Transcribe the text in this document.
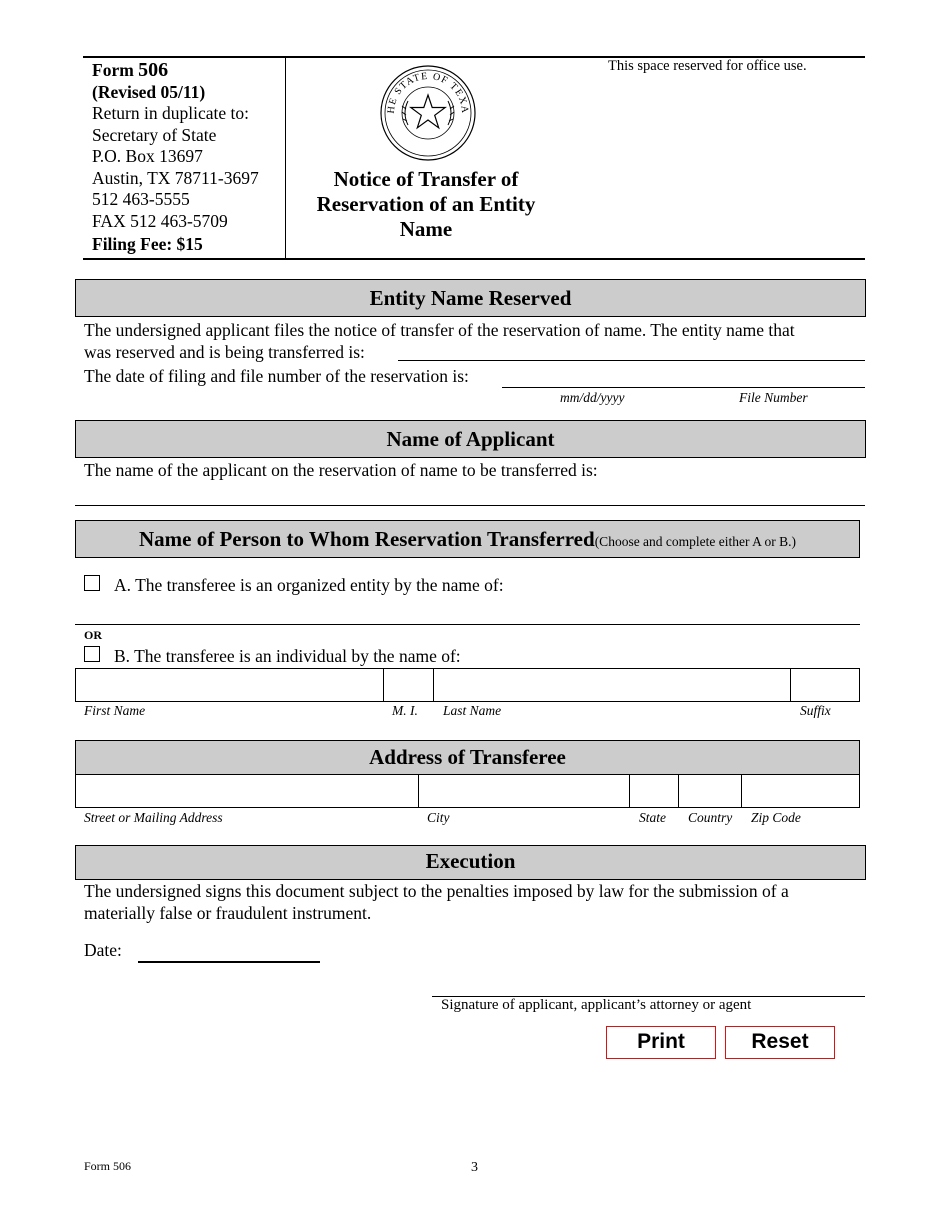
Form 506
(Revised 05/11)
Return in duplicate to:
Secretary of State
P.O. Box 13697
Austin, TX 78711-3697
512 463-5555
FAX 512 463-5709
Filing Fee: $15
HE STATE OF TEXA
Notice of Transfer of
Reservation of an Entity
Name
This space reserved for office use.
Entity Name Reserved
The undersigned applicant files the notice of transfer of the reservation of name. The entity name that
was reserved and is being transferred is:
The date of filing and file number of the reservation is:
mm/dd/yyyy	File Number
Name of Applicant
The name of the applicant on the reservation of name to be transferred is:
Name of Person to Whom Reservation Transferred(Choose and complete either A or B.)
A. The transferee is an organized entity by the name of:
OR
B. The transferee is an individual by the name of:
First Name	M. I. Last Name	Suffix
Address of Transferee
Street or Mailing Address	City	State Country Zip Code
Execution
The undersigned signs this document subject to the penalties imposed by law for the submission of a
materially false or fraudulent instrument.
Date:
Signature of applicant, applicant’s attorney or agent
Print	Reset
Form 506	3
